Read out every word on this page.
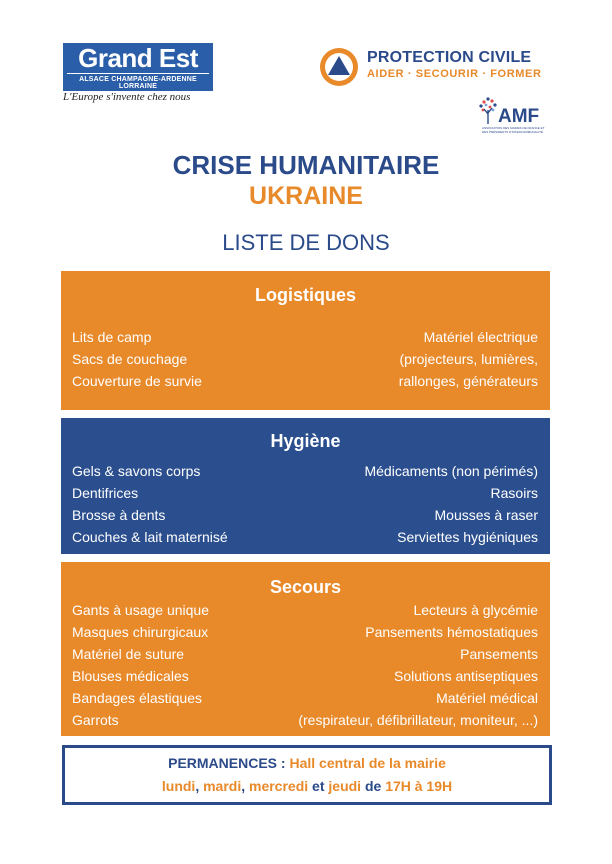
Grand Est
ALSACE CHAMPAGNE-ARDENNE LORRAINE
L'Europe s'invente chez nous
PROTECTION CIVILE
AIDER · SECOURIR · FORMER
AMF
ASSOCIATION DES MAIRES DE FRANCE ET
DES PRÉSIDENTS D'INTERCOMMUNALITÉ
CRISE HUMANITAIRE
UKRAINE
LISTE DE DONS
Logistiques
Lits de camp
Sacs de couchage
Couverture de survie
Matériel électrique
(projecteurs, lumières,
rallonges, générateurs
Hygiène
Gels & savons corps
Dentifrices
Brosse à dents
Couches & lait maternisé
Médicaments (non périmés)
Rasoirs
Mousses à raser
Serviettes hygiéniques
Secours
Gants à usage unique
Masques chirurgicaux
Matériel de suture
Blouses médicales
Bandages élastiques
Garrots
Lecteurs à glycémie
Pansements hémostatiques
Pansements
Solutions antiseptiques
Matériel médical
(respirateur, défibrillateur, moniteur, ...)
PERMANENCES : Hall central de la mairie
lundi, mardi, mercredi et jeudi de 17H à 19H
